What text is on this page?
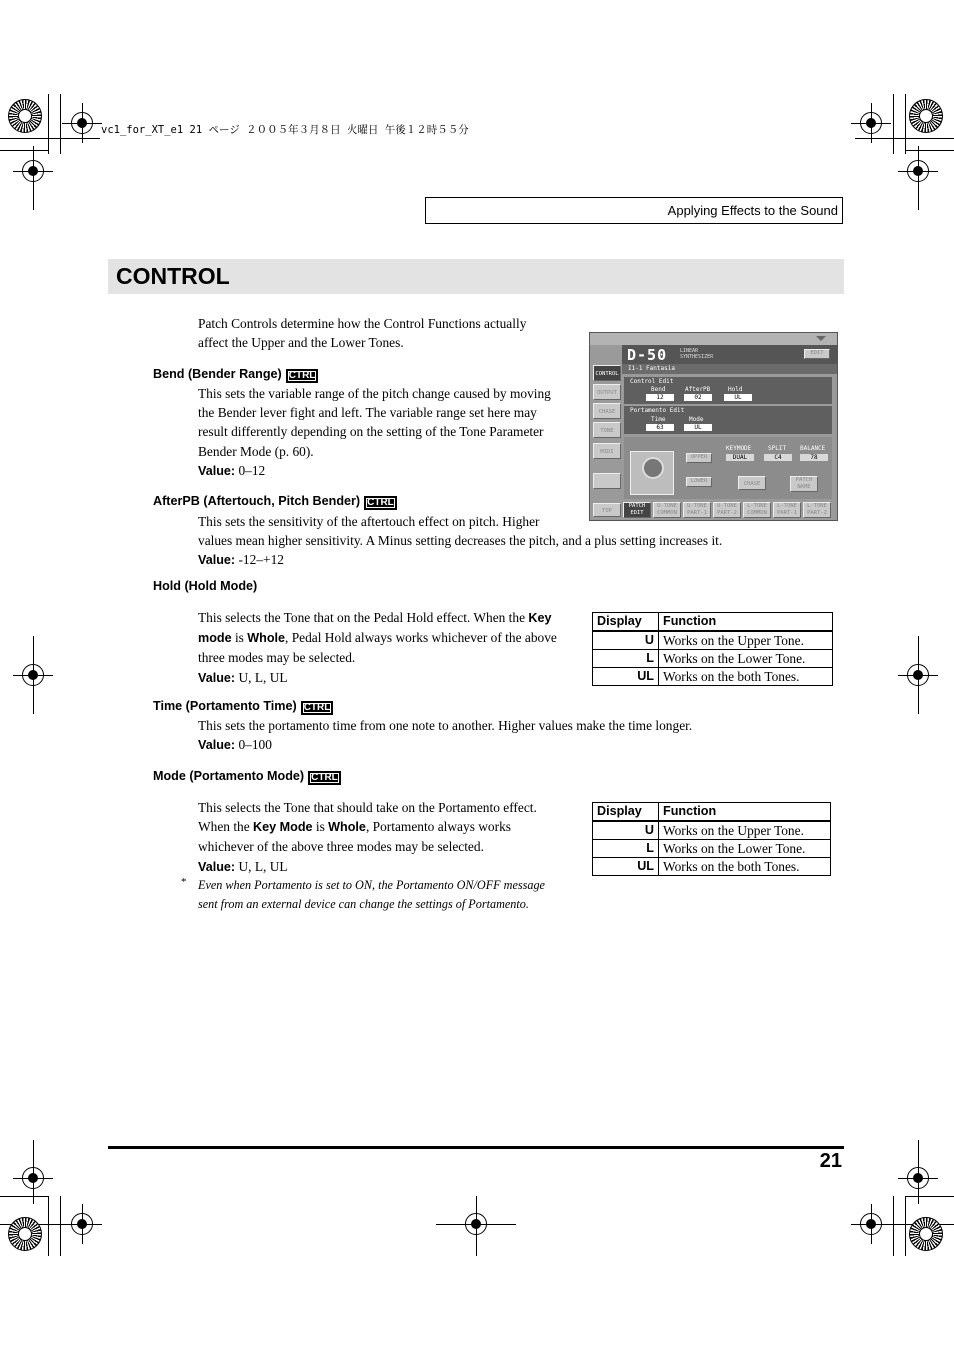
vc1_for_XT_e1 21 ページ ２００５年３月８日 火曜日 午後１２時５５分
Applying Effects to the Sound
CONTROL
Patch Controls determine how the Control Functions actually
affect the Upper and the Lower Tones.
Bend (Bender Range) CTRL
This sets the variable range of the pitch change caused by moving
the Bender lever fight and left. The variable range set here may
result differently depending on the setting of the Tone Parameter
Bender Mode (p. 60).
Value: 0–12
AfterPB (Aftertouch, Pitch Bender) CTRL
This sets the sensitivity of the aftertouch effect on pitch. Higher
values mean higher sensitivity. A Minus setting decreases the pitch, and a plus setting increases it.
Value: -12–+12
Hold (Hold Mode)
This selects the Tone that on the Pedal Hold effect. When the Key
mode is Whole, Pedal Hold always works whichever of the above
three modes may be selected.
Value: U, L, UL
Display	Function
U	Works on the Upper Tone.
L	Works on the Lower Tone.
UL	Works on the both Tones.
Time (Portamento Time) CTRL
This sets the portamento time from one note to another. Higher values make the time longer.
Value: 0–100
Mode (Portamento Mode) CTRL
This selects the Tone that should take on the Portamento effect.
When the Key Mode is Whole, Portamento always works
whichever of the above three modes may be selected.
Value: U, L, UL
Display	Function
U	Works on the Upper Tone.
L	Works on the Lower Tone.
UL	Works on the both Tones.
* Even when Portamento is set to ON, the Portamento ON/OFF message
sent from an external device can change the settings of Portamento.
D-50	LINEAR
SYNTHESIZER
EDIT
I1-1 Fantasia
CONTROL
OUTPUT
CHASE
TONE
MIDI
Control Edit
Bend	AfterPB	Hold
12	02	UL
Portamento Edit
Time	Mode
63	UL
UPPER
LOWER
KEYMODE	SPLIT BALANCE
DUAL	C4	78
CHASE
PATCH NAME
TOP
PATCH EDIT
U-TONE COMMON
U-TONE PART-1
U-TONE PART-2
L-TONE COMMON
L-TONE PART-1
L-TONE PART-2
21
